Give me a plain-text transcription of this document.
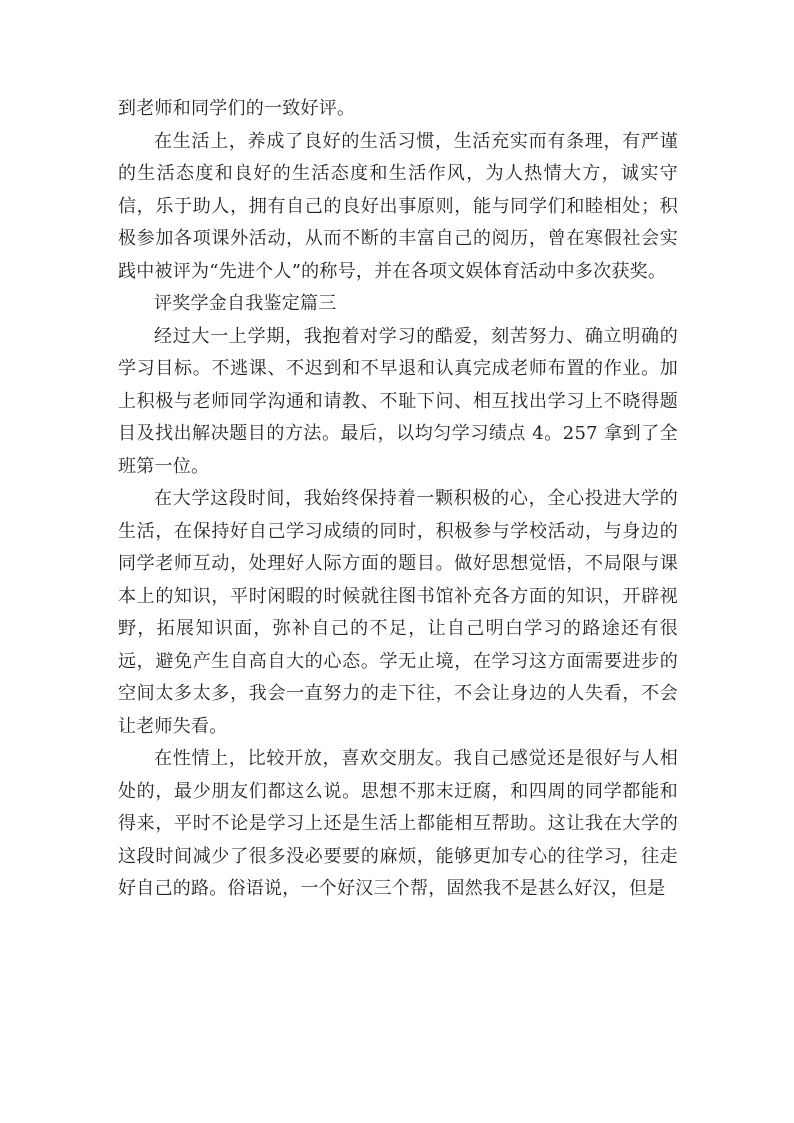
到老师和同学们的一致好评。

在生活上，养成了良好的生活习惯，生活充实而有条理，有严谨的生活态度和良好的生活态度和生活作风，为人热情大方，诚实守信，乐于助人，拥有自己的良好出事原则，能与同学们和睦相处；积极参加各项课外活动，从而不断的丰富自己的阅历，曾在寒假社会实践中被评为“先进个人”的称号，并在各项文娱体育活动中多次获奖。

评奖学金自我鉴定篇三

经过大一上学期，我抱着对学习的酷爱，刻苦努力、确立明确的学习目标。不逃课、不迟到和不早退和认真完成老师布置的作业。加上积极与老师同学沟通和请教、不耻下问、相互找出学习上不晓得题目及找出解决题目的方法。最后，以均匀学习绩点 4。257 拿到了全班第一位。

在大学这段时间，我始终保持着一颗积极的心，全心投进大学的生活，在保持好自己学习成绩的同时，积极参与学校活动，与身边的同学老师互动，处理好人际方面的题目。做好思想觉悟，不局限与课本上的知识，平时闲暇的时候就往图书馆补充各方面的知识，开辟视野，拓展知识面，弥补自己的不足，让自己明白学习的路途还有很远，避免产生自高自大的心态。学无止境，在学习这方面需要进步的空间太多太多，我会一直努力的走下往，不会让身边的人失看，不会让老师失看。

在性情上，比较开放，喜欢交朋友。我自己感觉还是很好与人相处的，最少朋友们都这么说。思想不那末迂腐，和四周的同学都能和得来，平时不论是学习上还是生活上都能相互帮助。这让我在大学的这段时间减少了很多没必要要的麻烦，能够更加专心的往学习，往走好自己的路。俗语说，一个好汉三个帮，固然我不是甚么好汉，但是
